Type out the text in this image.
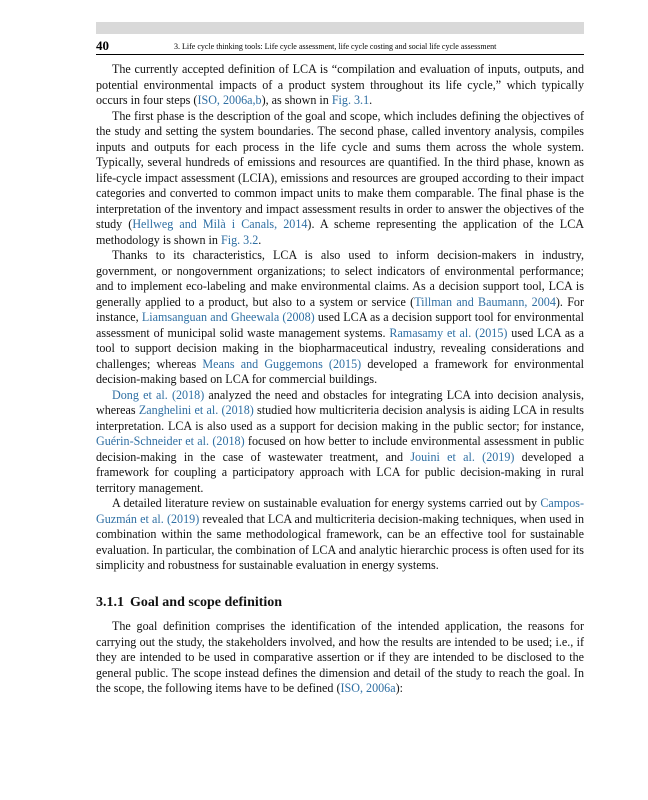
40	3. Life cycle thinking tools: Life cycle assessment, life cycle costing and social life cycle assessment

The currently accepted definition of LCA is “compilation and evaluation of inputs, outputs, and potential environmental impacts of a product system throughout its life cycle,” which typically occurs in four steps (ISO, 2006a,b), as shown in Fig. 3.1.

The first phase is the description of the goal and scope, which includes defining the objectives of the study and setting the system boundaries. The second phase, called inventory analysis, compiles inputs and outputs for each process in the life cycle and sums them across the whole system. Typically, several hundreds of emissions and resources are quantified. In the third phase, known as life-cycle impact assessment (LCIA), emissions and resources are grouped according to their impact categories and converted to common impact units to make them comparable. The final phase is the interpretation of the inventory and impact assessment results in order to answer the objectives of the study (Hellweg and Milà i Canals, 2014). A scheme representing the application of the LCA methodology is shown in Fig. 3.2.

Thanks to its characteristics, LCA is also used to inform decision-makers in industry, government, or nongovernment organizations; to select indicators of environmental performance; and to implement eco-labeling and make environmental claims. As a decision support tool, LCA is generally applied to a product, but also to a system or service (Tillman and Baumann, 2004). For instance, Liamsanguan and Gheewala (2008) used LCA as a decision support tool for environmental assessment of municipal solid waste management systems. Ramasamy et al. (2015) used LCA as a tool to support decision making in the biopharmaceutical industry, revealing considerations and challenges; whereas Means and Guggemons (2015) developed a framework for environmental decision-making based on LCA for commercial buildings.

Dong et al. (2018) analyzed the need and obstacles for integrating LCA into decision analysis, whereas Zanghelini et al. (2018) studied how multicriteria decision analysis is aiding LCA in results interpretation. LCA is also used as a support for decision making in the public sector; for instance, Guérin-Schneider et al. (2018) focused on how better to include environmental assessment in public decision-making in the case of wastewater treatment, and Jouini et al. (2019) developed a framework for coupling a participatory approach with LCA for public decision-making in rural territory management.

A detailed literature review on sustainable evaluation for energy systems carried out by Campos-Guzmán et al. (2019) revealed that LCA and multicriteria decision-making techniques, when used in combination within the same methodological framework, can be an effective tool for sustainable evaluation. In particular, the combination of LCA and analytic hierarchic process is often used for its simplicity and robustness for sustainable evaluation in energy systems.

3.1.1 Goal and scope definition

The goal definition comprises the identification of the intended application, the reasons for carrying out the study, the stakeholders involved, and how the results are intended to be used; i.e., if they are intended to be used in comparative assertion or if they are intended to be disclosed to the general public. The scope instead defines the dimension and detail of the study to reach the goal. In the scope, the following items have to be defined (ISO, 2006a):
